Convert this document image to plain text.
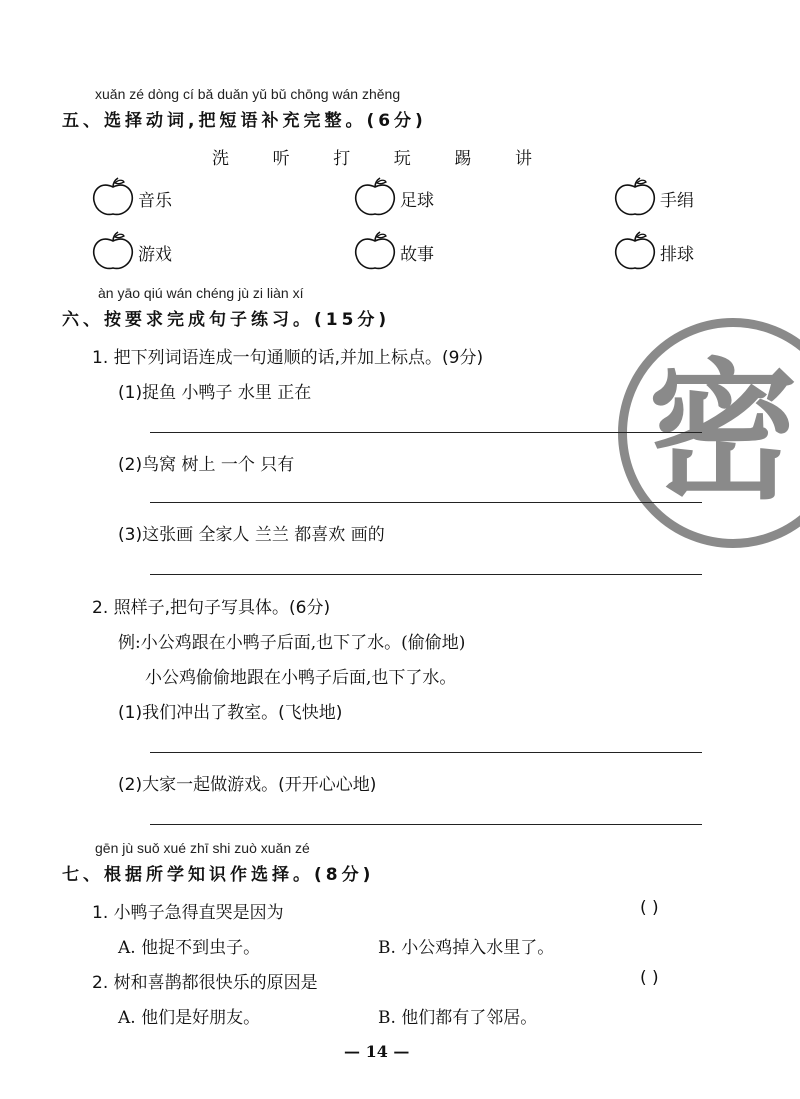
密
xuǎn zé dòng cí bǎ duǎn yǔ bǔ chōng wán zhěng
五、选择动词,把短语补充完整。(6分)
洗	听	打	玩	踢	讲
音乐	足球	手绢
游戏	故事	排球
àn yāo qiú wán chéng jù zi liàn xí
六、按要求完成句子练习。(15分)
1. 把下列词语连成一句通顺的话,并加上标点。(9分)
(1)捉鱼 小鸭子 水里 正在
(2)鸟窝 树上 一个 只有
(3)这张画 全家人 兰兰 都喜欢 画的
2. 照样子,把句子写具体。(6分)
例:小公鸡跟在小鸭子后面,也下了水。(偷偷地)
小公鸡偷偷地跟在小鸭子后面,也下了水。
(1)我们冲出了教室。(飞快地)
(2)大家一起做游戏。(开开心心地)
gēn jù suǒ xué zhī shi zuò xuǎn zé
七、根据所学知识作选择。(8分)
1. 小鸭子急得直哭是因为	( )
A. 他捉不到虫子。	B. 小公鸡掉入水里了。
2. 树和喜鹊都很快乐的原因是	( )
A. 他们是好朋友。	B. 他们都有了邻居。
— 14 —
